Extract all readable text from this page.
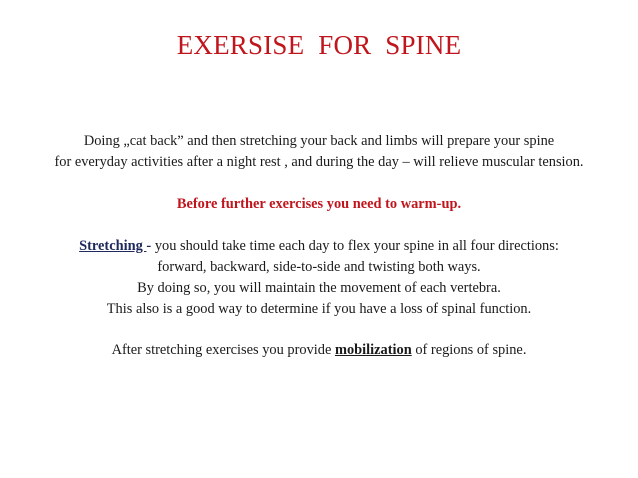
EXERSISE  FOR  SPINE
Doing „cat back” and then stretching your back and limbs will prepare your spine
for everyday activities after a night rest , and during the day – will relieve muscular tension.
Before further exercises you need to warm-up.
Stretching - you should take time each day to flex your spine in all four directions:
forward, backward, side-to-side and twisting both ways.
By doing so, you will maintain the movement of each vertebra.
This also is a good way to determine if you have a loss of spinal function.
After stretching exercises you provide mobilization of regions of spine.
